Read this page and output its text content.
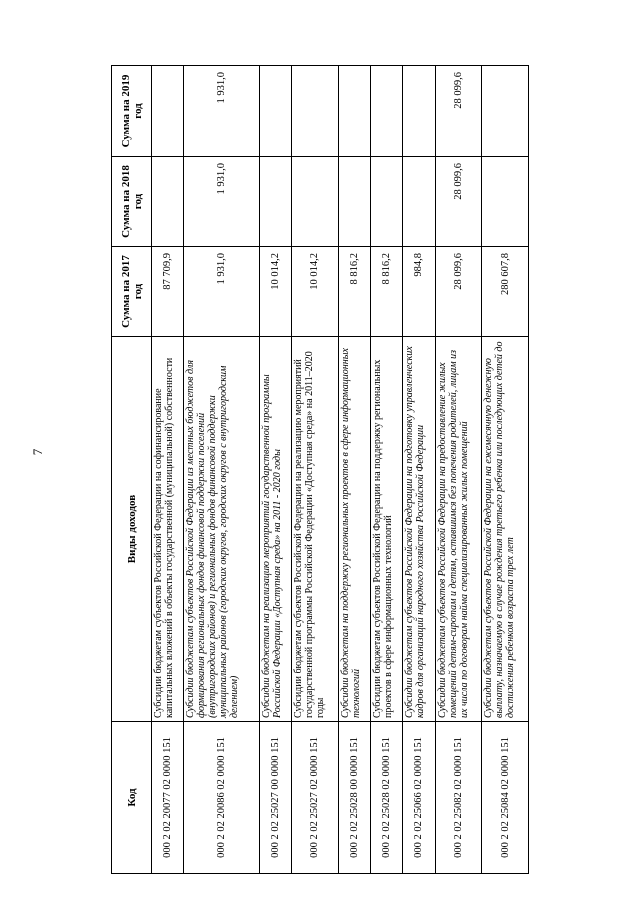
7
Код	Виды доходов	Сумма на 2017 год	Сумма на 2018 год	Сумма на 2019 год
000 2 02 20077 02 0000 151	Субсидии бюджетам субъектов Российской Федерации на софинансирование капитальных вложений в объекты государственной (муниципальной) собственности	87 709,9		
000 2 02 20086 02 0000 151	Субсидии бюджетам субъектов Российской Федерации из местных бюджетов для формирования региональных фондов финансовой поддержки поселений (внутригородских районов) и региональных фондов финансовой поддержки муниципальных районов (городских округов, городских округов с внутригородским делением)	1 931,0	1 931,0	1 931,0
000 2 02 25027 00 0000 151	Субсидии бюджетам на реализацию мероприятий государственной программы Российской Федерации «Доступная среда» на 2011 - 2020 годы	10 014,2		
000 2 02 25027 02 0000 151	Субсидии бюджетам субъектов Российской Федерации на реализацию мероприятий государственной программы Российской Федерации «Доступная среда» на 2011–2020 годы	10 014,2		
000 2 02 25028 00 0000 151	Субсидии бюджетам на поддержку региональных проектов в сфере информационных технологий	8 816,2		
000 2 02 25028 02 0000 151	Субсидии бюджетам субъектов Российской Федерации на поддержку региональных проектов в сфере информационных технологий	8 816,2		
000 2 02 25066 02 0000 151	Субсидии бюджетам субъектов Российской Федерации на подготовку управленческих кадров для организаций народного хозяйства Российской Федерации	984,8		
000 2 02 25082 02 0000 151	Субсидии бюджетам субъектов Российской Федерации на предоставление жилых помещений детям-сиротам и детям, оставшимся без попечения родителей, лицам из их числа по договорам найма специализированных жилых помещений	28 099,6	28 099,6	28 099,6
000 2 02 25084 02 0000 151	Субсидии бюджетам субъектов Российской Федерации на ежемесячную денежную выплату, назначаемую в случае рождения третьего ребенка или последующих детей до достижения ребенком возраста трех лет	280 607,8		
